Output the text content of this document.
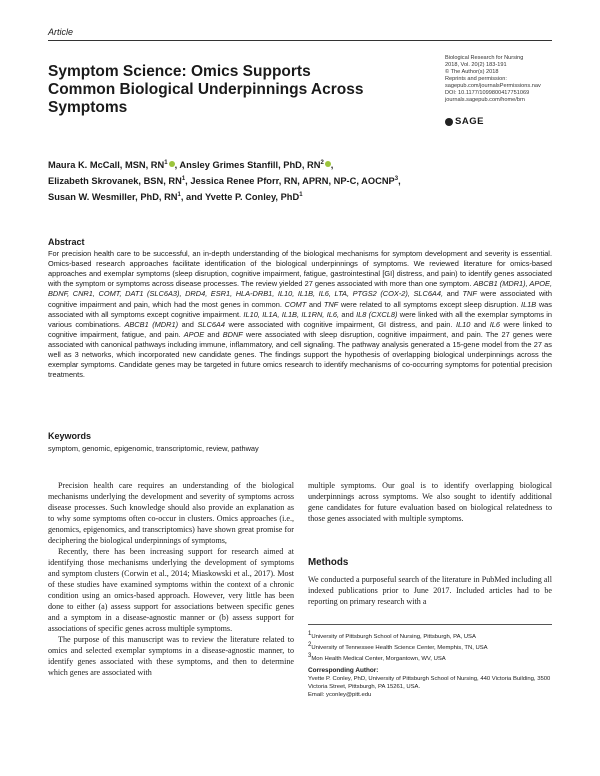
Article
Symptom Science: Omics Supports Common Biological Underpinnings Across Symptoms
Biological Research for Nursing
2018, Vol. 20(2) 183-191
© The Author(s) 2018
Reprints and permission:
sagepub.com/journalsPermissions.nav
DOI: 10.1177/1099800417751069
journals.sagepub.com/home/brn
SAGE
Maura K. McCall, MSN, $RN^1$ , Ansley Grimes Stanfill, PhD, $RN^2$ ,
Elizabeth Skrovanek, BSN, $RN^1$, Jessica Renee Pforr, RN, APRN, NP-C, AOCNP$^3$,
Susan W. Wesmiller, PhD, $RN^1$, and Yvette P. Conley, PhD$^1$
Abstract
For precision health care to be successful, an in-depth understanding of the biological mechanisms for symptom development and severity is essential. Omics-based research approaches facilitate identification of the biological underpinnings of symptoms. We reviewed literature for omics-based approaches and exemplar symptoms (sleep disruption, cognitive impairment, fatigue, gastrointestinal [GI] distress, and pain) to identify genes associated with the symptom or symptoms across disease processes. The review yielded 27 genes associated with more than one symptom. ABCB1 (MDR1), APOE, BDNF, CNR1, COMT, DAT1 (SLC6A3), DRD4, ESR1, HLA-DRB1, IL10, IL1B, IL6, LTA, PTGS2 (COX-2), SLC6A4, and TNF were associated with cognitive impairment and pain, which had the most genes in common. COMT and TNF were related to all symptoms except sleep disruption. IL1B was associated with all symptoms except cognitive impairment. IL10, IL1A, IL1B, IL1RN, IL6, and IL8 (CXCL8) were linked with all the exemplar symptoms in various combinations. ABCB1 (MDR1) and SLC6A4 were associated with cognitive impairment, GI distress, and pain. IL10 and IL6 were linked to cognitive impairment, fatigue, and pain. APOE and BDNF were associated with sleep disruption, cognitive impairment, and pain. The 27 genes were associated with canonical pathways including immune, inflammatory, and cell signaling. The pathway analysis generated a 15-gene model from the 27 as well as 3 networks, which incorporated new candidate genes. The findings support the hypothesis of overlapping biological underpinnings across the exemplar symptoms. Candidate genes may be targeted in future omics research to identify mechanisms of co-occurring symptoms for potential precision treatments.
Keywords
symptom, genomic, epigenomic, transcriptomic, review, pathway

Precision health care requires an understanding of the biological mechanisms underlying the development and severity of symptoms across disease processes. Such knowledge should also provide an explanation as to why some symptoms often co-occur in clusters. Omics approaches (i.e., genomics, epigenomics, and transcriptomics) have shown great promise for deciphering the biological underpinnings of symptoms,

Recently, there has been increasing support for research aimed at identifying those mechanisms underlying the development of symptoms and symptom clusters (Corwin et al., 2014; Miaskowski et al., 2017). Most of these studies have examined symptoms within the context of a chronic condition using an omics-based approach. However, very little has been done to either (a) assess support for associations between specific genes and a symptom in a disease-agnostic manner or (b) assess support for associations of specific genes across multiple symptoms.

The purpose of this manuscript was to review the literature related to omics and selected exemplar symptoms in a disease-agnostic manner, to identify genes associated with these symptoms, and then to determine which genes are associated with

multiple symptoms. Our goal is to identify overlapping biological underpinnings across symptoms. We also sought to identify additional gene candidates for future evaluation based on biological relatedness to those genes associated with multiple symptoms.

Methods
We conducted a purposeful search of the literature in PubMed including all indexed publications prior to June 2017. Included articles had to be reporting on primary research with a
$^1$University of Pittsburgh School of Nursing, Pittsburgh, PA, USA
$^2$University of Tennessee Health Science Center, Memphis, TN, USA
$^3$Mon Health Medical Center, Morgantown, WV, USA
Corresponding Author:
Yvette P. Conley, PhD, University of Pittsburgh School of Nursing, 440 Victoria Building, 3500 Victoria Street, Pittsburgh, PA 15261, USA.
Email: yconley@pitt.edu
